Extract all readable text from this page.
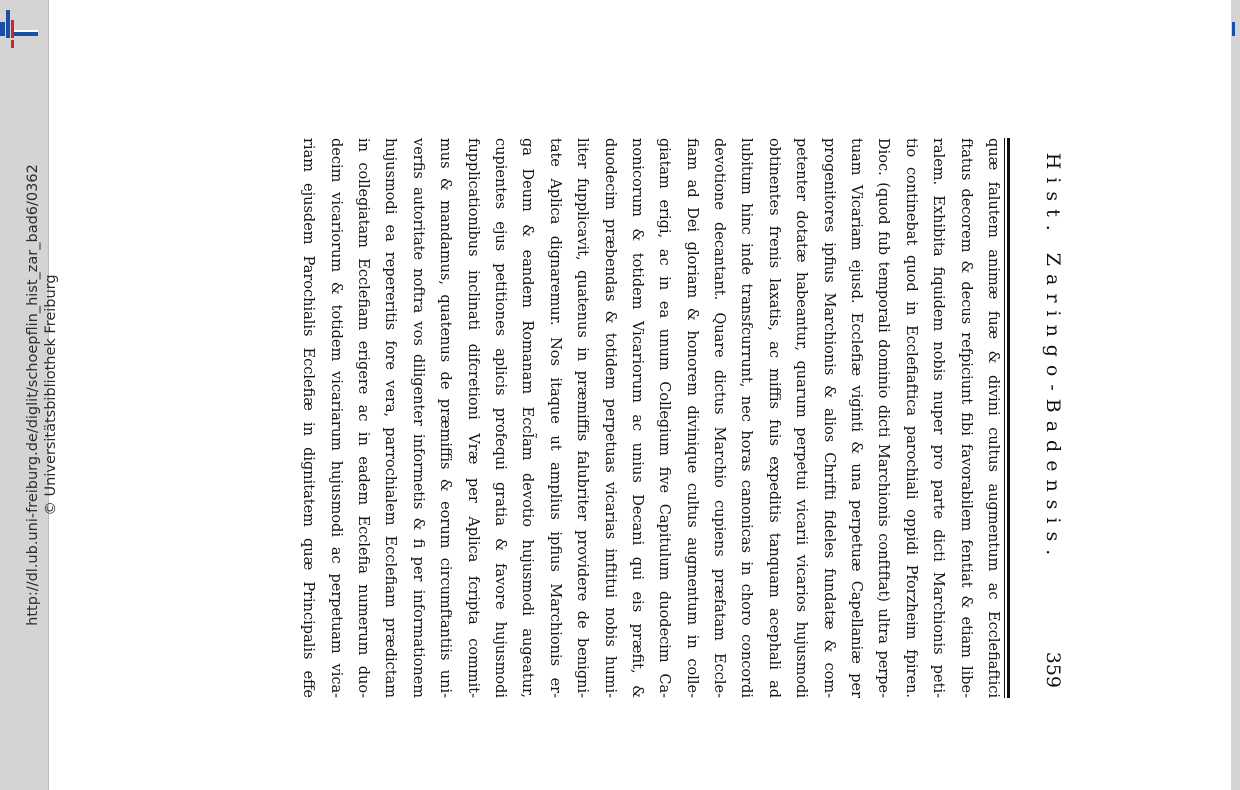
http://dl.ub.uni-freiburg.de/diglit/schoepflin_hist_zar_bad6/0362 © Universitätsbibliothek Freiburg	Hist. Zaringo-Badensis.
359
quæ falutem animæ fuæ & divini cultus augmentum ac Ecclefiaftici
ftatus decorem & decus refpiciunt fibi favorabilem fentiat & etiam libe-
ralem. Exhibita fiquidem nobis nuper pro parte dicti Marchionis peti-
tio continebat quod in Ecclefiaftica parochiali oppidi Pforzheim fpiren.
Dioc. (quod fub temporali dominio dicti Marchionis conftftat) ultra perpe-
tuam Vicariam ejusd. Ecclefiæ viginti & una perpetuæ Capellaniæ per
progenitores ipfius Marchionis & alios Chrifti fideles fundatæ & com-
petenter dotatæ habeantur, quarum perpetui vicarii vicarios hujusmodi
obtinentes frenis laxatis, ac miffis fuis expeditis tanquam acephali ad
lubitum hinc inde transfcurrunt, nec horas canonicas in choro concordi
devotione decantant. Quare dictus Marchio cupiens præfatam Eccle-
fiam ad Dei gloriam & honorem divinique cultus augmentum in colle-
giatam erigi, ac in ea unum Collegium five Capitulum duodecim Ca-
nonicorum & totidem Vicariorum ac unius Decani qui eis præfit, &
duodecim præbendas & totidem perpetuas vicarias inftitui nobis humi-
liter fupplicavit, quatenus in præmiffis falubriter providere de benigni-
tate Aplica dignaremur. Nos itaque ut amplius ipfius Marchionis er-
ga Deum & eandem Romanam Eccl̃am devotio hujusmodi augeatur,
cupientes ejus petitiones aplicis profequi gratia & favore hujusmodi
fupplicationibus inclinati difcretioni Vræ per Aplica fcripta commit-
mus & mandamus, quatenus de præmiffis & eorum circumftantiis uni-
verfis autoritate noftra vos diligenter informetis & fi per informationem
hujusmodi ea repereritis fore vera, parrochialem Ecclefiam prædictam
in collegiatam Ecclefiam erigere ac in eadem Ecclefia numerum duo-
decim vicariorum & totidem vicariarum hujusmodi ac perpetuam vica-
riam ejusdem Parochialis Ecclefiæ in dignitatem quæ Principalis effe
